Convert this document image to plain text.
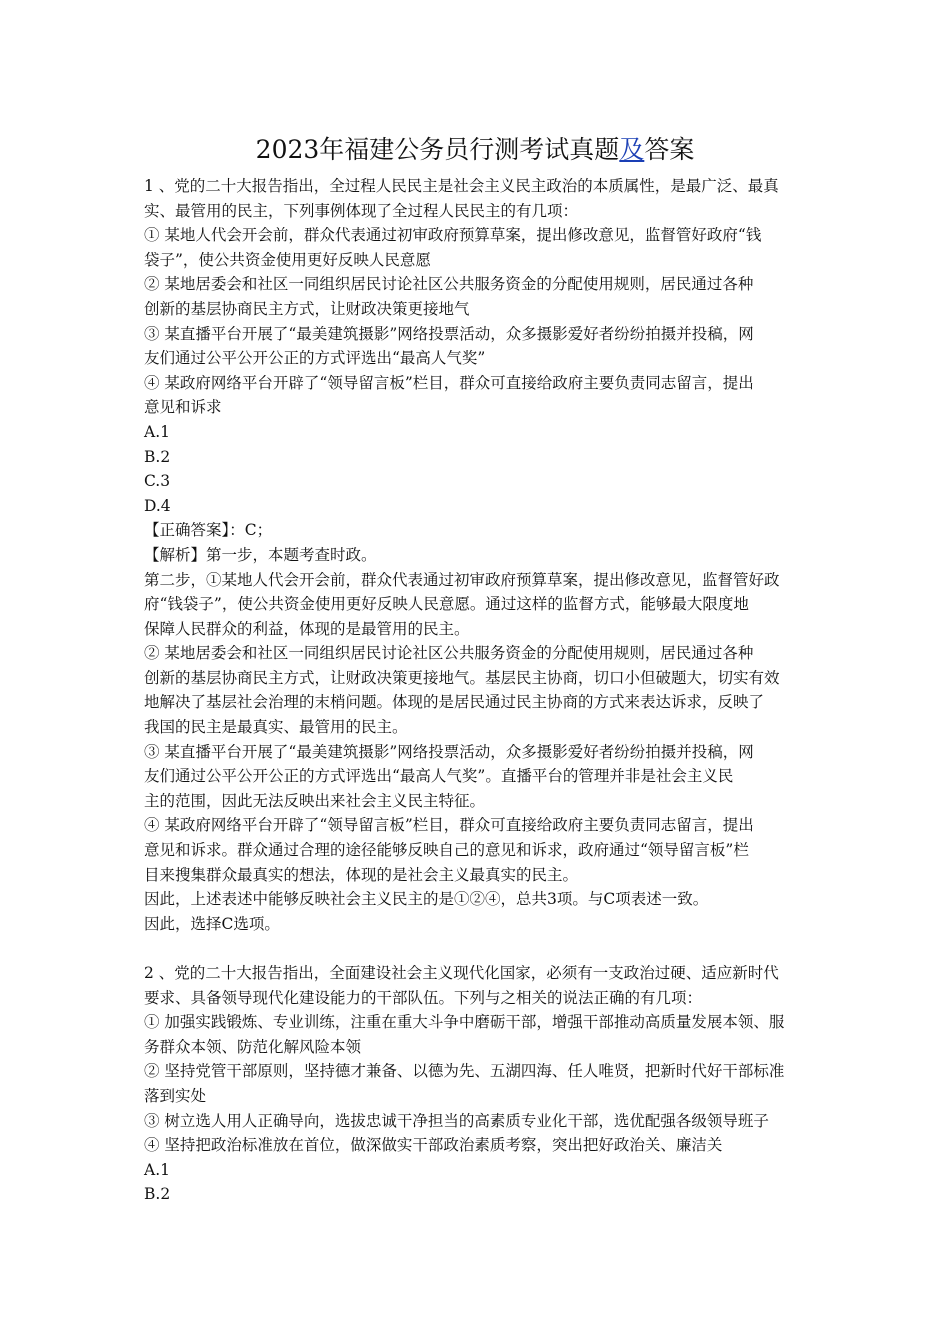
2023年福建公务员行测考试真题及答案
1 、党的二十大报告指出，全过程人民民主是社会主义民主政治的本质属性，是最广泛、最真
实、最管用的民主，下列事例体现了全过程人民民主的有几项：
① 某地人代会开会前，群众代表通过初审政府预算草案，提出修改意见，监督管好政府“钱
袋子”，使公共资金使用更好反映人民意愿
② 某地居委会和社区一同组织居民讨论社区公共服务资金的分配使用规则，居民通过各种
创新的基层协商民主方式，让财政决策更接地气
③ 某直播平台开展了“最美建筑摄影”网络投票活动，众多摄影爱好者纷纷拍摄并投稿，网
友们通过公平公开公正的方式评选出“最高人气奖”
④ 某政府网络平台开辟了“领导留言板”栏目，群众可直接给政府主要负责同志留言，提出
意见和诉求
A.1
B.2
C.3
D.4
【正确答案】：C；
【解析】第一步，本题考查时政。
第二步，①某地人代会开会前，群众代表通过初审政府预算草案，提出修改意见，监督管好政
府“钱袋子”，使公共资金使用更好反映人民意愿。通过这样的监督方式，能够最大限度地
保障人民群众的利益，体现的是最管用的民主。
② 某地居委会和社区一同组织居民讨论社区公共服务资金的分配使用规则，居民通过各种
创新的基层协商民主方式，让财政决策更接地气。基层民主协商，切口小但破题大，切实有效
地解决了基层社会治理的末梢问题。体现的是居民通过民主协商的方式来表达诉求，反映了
我国的民主是最真实、最管用的民主。
③ 某直播平台开展了“最美建筑摄影”网络投票活动，众多摄影爱好者纷纷拍摄并投稿，网
友们通过公平公开公正的方式评选出“最高人气奖”。直播平台的管理并非是社会主义民
主的范围，因此无法反映出来社会主义民主特征。
④ 某政府网络平台开辟了“领导留言板”栏目，群众可直接给政府主要负责同志留言，提出
意见和诉求。群众通过合理的途径能够反映自己的意见和诉求，政府通过“领导留言板”栏
目来搜集群众最真实的想法，体现的是社会主义最真实的民主。
因此，上述表述中能够反映社会主义民主的是①②④，总共3项。与C项表述一致。
因此，选择C选项。
2 、党的二十大报告指出，全面建设社会主义现代化国家，必须有一支政治过硬、适应新时代
要求、具备领导现代化建设能力的干部队伍。下列与之相关的说法正确的有几项：
① 加强实践锻炼、专业训练，注重在重大斗争中磨砺干部，增强干部推动高质量发展本领、服
务群众本领、防范化解风险本领
② 坚持党管干部原则，坚持德才兼备、以德为先、五湖四海、任人唯贤，把新时代好干部标准
落到实处
③ 树立选人用人正确导向，选拔忠诚干净担当的高素质专业化干部，选优配强各级领导班子
④ 坚持把政治标准放在首位，做深做实干部政治素质考察，突出把好政治关、廉洁关
A.1
B.2
